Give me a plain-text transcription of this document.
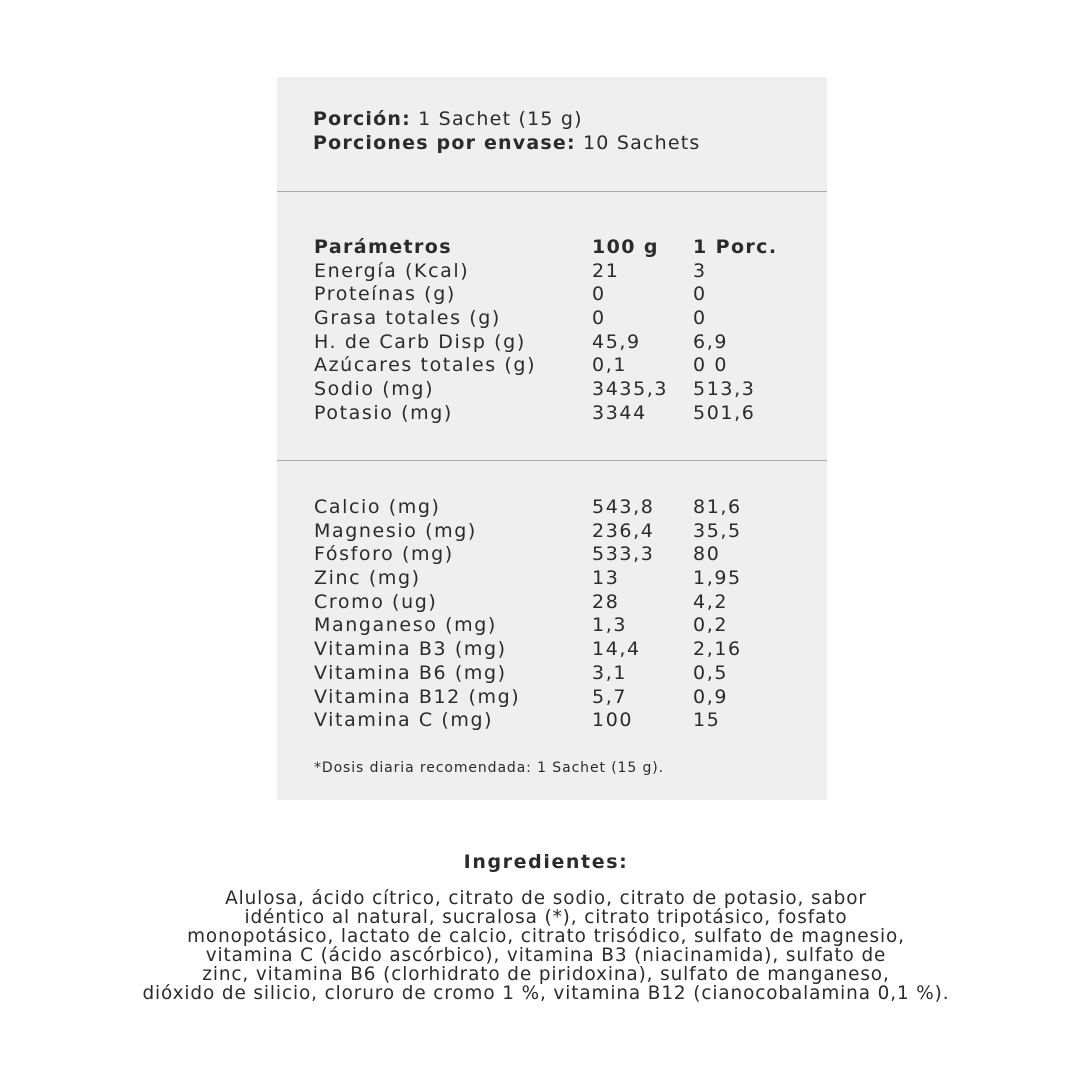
Porción: 1 Sachet (15 g)
Porciones por envase: 10 Sachets
Parámetros	100 g 1 Porc.
Energía (Kcal)	21	3
Proteínas (g)	0	0
Grasa totales (g)	0	0
H. de Carb Disp (g)	45,9	6,9
Azúcares totales (g)	0,1	0 0
Sodio (mg)	3435,3 513,3
Potasio (mg)	3344 501,6
Calcio (mg)	543,8 81,6
Magnesio (mg)	236,4 35,5
Fósforo (mg)	533,3 80
Zinc (mg)	13	1,95
Cromo (ug)	28	4,2
Manganeso (mg)	1,3	0,2
Vitamina B3 (mg)	14,4	2,16
Vitamina B6 (mg)	3,1	0,5
Vitamina B12 (mg)	5,7	0,9
Vitamina C (mg)	100	15
*Dosis diaria recomendada: 1 Sachet (15 g).
Ingredientes:
Alulosa, ácido cítrico, citrato de sodio, citrato de potasio, sabor
idéntico al natural, sucralosa (*), citrato tripotásico, fosfato
monopotásico, lactato de calcio, citrato trisódico, sulfato de magnesio,
vitamina C (ácido ascórbico), vitamina B3 (niacinamida), sulfato de
zinc, vitamina B6 (clorhidrato de piridoxina), sulfato de manganeso,
dióxido de silicio, cloruro de cromo 1 %, vitamina B12 (cianocobalamina 0,1 %).
